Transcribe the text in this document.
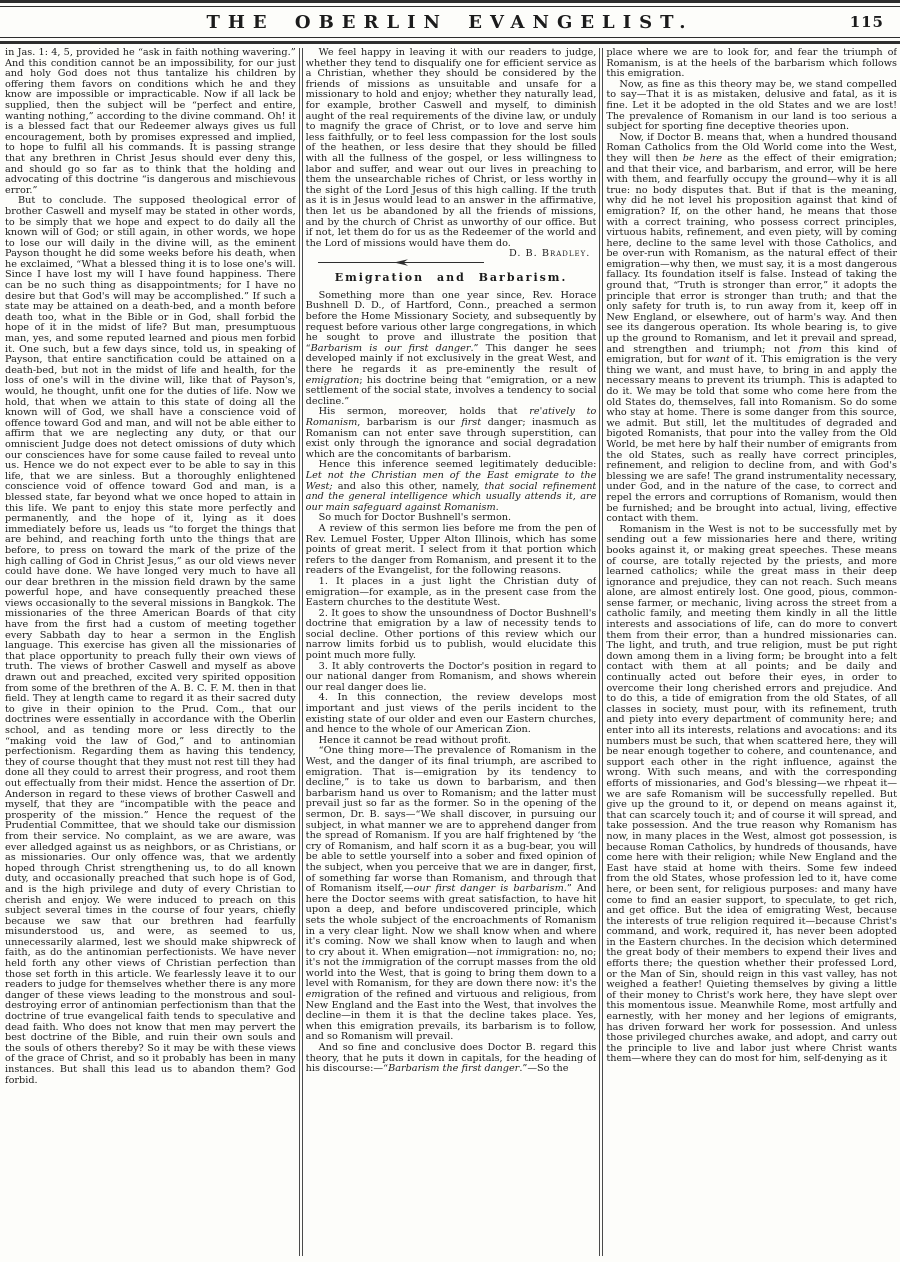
THE OBERLIN EVANGELIST.	115

in Jas. 1: 4, 5, provided he “ask in faith nothing wavering.” And this condition cannot be an impossibility, for our just and holy God does not thus tantalize his children by offering them favors on conditions which he and they know are impossible or impracticable. Now if all lack be supplied, then the subject will be “perfect and entire, wanting nothing,” according to the divine command. Oh! it is a blessed fact that our Redeemer always gives us full encouragement, both by promises expressed and implied, to hope to fulfil all his commands. It is passing strange that any brethren in Christ Jesus should ever deny this, and should go so far as to think that the holding and advocating of this doctrine “is dangerous and mischievous error.”

But to conclude. The supposed theological error of brother Caswell and myself may be stated in other words, to be simply that we hope and expect to do daily all the known will of God; or still again, in other words, we hope to lose our will daily in the divine will, as the eminent Payson thought he did some weeks before his death, when he exclaimed, “What a blessed thing it is to lose one's will. Since I have lost my will I have found happiness. There can be no such thing as disappointments; for I have no desire but that God's will may be accomplished.” If such a state may be attained on a death-bed, and a month before death too, what in the Bible or in God, shall forbid the hope of it in the midst of life? But man, presumptuous man, yes, and some reputed learned and pious men forbid it. One such, but a few days since, told us, in speaking of Payson, that entire sanctification could be attained on a death-bed, but not in the midst of life and health, for the loss of one's will in the divine will, like that of Payson's, would, he thought, unfit one for the duties of life. Now we hold, that when we attain to this state of doing all the known will of God, we shall have a conscience void of offence toward God and man, and will not be able either to affirm that we are neglecting any duty, or that our omniscient Judge does not detect omissions of duty which our consciences have for some cause failed to reveal unto us. Hence we do not expect ever to be able to say in this life, that we are sinless. But a thoroughly enlightened conscience void of offence toward God and man, is a blessed state, far beyond what we once hoped to attain in this life. We pant to enjoy this state more perfectly and permanently, and the hope of it, lying as it does immediately before us, leads us “to forget the things that are behind, and reaching forth unto the things that are before, to press on toward the mark of the prize of the high calling of God in Christ Jesus,” as our old views never could have done. We have longed very much to have all our dear brethren in the mission field drawn by the same powerful hope, and have consequently preached these views occasionally to the several missions in Bangkok. The missionaries of the three American Boards of that city have from the first had a custom of meeting together every Sabbath day to hear a sermon in the English language. This exercise has given all the missionaries of that place opportunity to preach fully their own views of truth. The views of brother Caswell and myself as above drawn out and preached, excited very spirited opposition from some of the brethren of the A. B. C. F. M. then in that field. They at length came to regard it as their sacred duty to give in their opinion to the Prud. Com., that our doctrines were essentially in accordance with the Oberlin school, and as tending more or less directly to the “making void the law of God,” and to antinomian perfectionism. Regarding them as having this tendency, they of course thought that they must not rest till they had done all they could to arrest their progress, and root them out effectually from their midst. Hence the assertion of Dr. Anderson in regard to these views of brother Caswell and myself, that they are “incompatible with the peace and prosperity of the mission.” Hence the request of the Prudential Committee, that we should take our dismission from their service. No complaint, as we are aware, was ever alledged against us as neighbors, or as Christians, or as missionaries. Our only offence was, that we ardently hoped through Christ strengthening us, to do all known duty, and occasionally preached that such hope is of God, and is the high privilege and duty of every Christian to cherish and enjoy. We were induced to preach on this subject several times in the course of four years, chiefly because we saw that our brethren had fearfully misunderstood us, and were, as seemed to us, unnecessarily alarmed, lest we should make shipwreck of faith, as do the antinomian perfectionists. We have never held forth any other views of Christian perfection than those set forth in this article. We fearlessly leave it to our readers to judge for themselves whether there is any more danger of these views leading to the monstrous and soul-destroying error of antinomian perfectionism than that the doctrine of true evangelical faith tends to speculative and dead faith. Who does not know that men may pervert the best doctrine of the Bible, and ruin their own souls and the souls of others thereby? So it may be with these views of the grace of Christ, and so it probably has been in many instances. But shall this lead us to abandon them? God forbid.

We feel happy in leaving it with our readers to judge, whether they tend to disqualify one for efficient service as a Christian, whether they should be considered by the friends of missions as unsuitable and unsafe for a missionary to hold and enjoy; whether they naturally lead, for example, brother Caswell and myself, to diminish aught of the real requirements of the divine law, or unduly to magnify the grace of Christ, or to love and serve him less faithfully, or to feel less compassion for the lost souls of the heathen, or less desire that they should be filled with all the fullness of the gospel, or less willingness to labor and suffer, and wear out our lives in preaching to them the unsearchable riches of Christ, or less worthy in the sight of the Lord Jesus of this high calling. If the truth as it is in Jesus would lead to an answer in the affirmative, then let us be abandoned by all the friends of missions, and by the church of Christ as unworthy of our office. But if not, let them do for us as the Redeemer of the world and the Lord of missions would have them do.
D. B. Bradley.

Emigration and Barbarism.

Something more than one year since, Rev. Horace Bushnell D. D., of Hartford, Conn., preached a sermon before the Home Missionary Society, and subsequently by request before various other large congregations, in which he sought to prove and illustrate the position that “Barbarism is our first danger.” This danger he sees developed mainly if not exclusively in the great West, and there he regards it as pre-eminently the result of emigration; his doctrine being that “emigration, or a new settlement of the social state, involves a tendency to social decline.”

His sermon, moreover, holds that re'atively to Romanism, barbarism is our first danger; inasmuch as Romanism can not enter save through superstition, can exist only through the ignorance and social degradation which are the concomitants of barbarism.

Hence this inference seemed legitimately deducible: Let not the Christian men of the East emigrate to the West; and also this other, namely, that social refinement and the general intelligence which usually attends it, are our main safeguard against Romanism.

So much for Doctor Bushnell's sermon.

A review of this sermon lies before me from the pen of Rev. Lemuel Foster, Upper Alton Illinois, which has some points of great merit. I select from it that portion which refers to the danger from Romanism, and present it to the readers of the Evangelist, for the following reasons.

1. It places in a just light the Christian duty of emigration—for example, as in the present case from the Eastern churches to the destitute West.

2. It goes to show the unsoundness of Doctor Bushnell's doctrine that emigration by a law of necessity tends to social decline. Other portions of this review which our narrow limits forbid us to publish, would elucidate this point much more fully.

3. It ably controverts the Doctor's position in regard to our national danger from Romanism, and shows wherein our real danger does lie.

4. In this connection, the review develops most important and just views of the perils incident to the existing state of our older and even our Eastern churches, and hence to the whole of our American Zion.

Hence it cannot be read without profit.

“One thing more—The prevalence of Romanism in the West, and the danger of its final triumph, are ascribed to emigration. That is—emigration by its tendency to decline,” is to take us down to barbarism, and then barbarism hand us over to Romanism; and the latter must prevail just so far as the former. So in the opening of the sermon, Dr. B. says—“We shall discover, in pursuing our subject, in what manner we are to apprehend danger from the spread of Romanism. If you are half frightened by ‘the cry of Romanism, and half scorn it as a bug-bear, you will be able to settle yourself into a sober and fixed opinion of the subject, when you perceive that we are in danger, first, of something far worse than Romanism, and through that of Romanism itself,—our first danger is barbarism.” And here the Doctor seems with great satisfaction, to have hit upon a deep, and before undiscovered principle, which sets the whole subject of the encroachments of Romanism in a very clear light. Now we shall know when and where it's coming. Now we shall know when to laugh and when to cry about it. When emigration—not immigration: no, no; it's not the immigration of the corrupt masses from the old world into the West, that is going to bring them down to a level with Romanism, for they are down there now: it's the emigration of the refined and virtuous and religious, from New England and the East into the West, that involves the decline—in them it is that the decline takes place. Yes, when this emigration prevails, its barbarism is to follow, and so Romanism will prevail.

And so fine and conclusive does Doctor B. regard this theory, that he puts it down in capitals, for the heading of his discourse:—“Barbarism the first danger.”—So the

place where we are to look for, and fear the triumph of Romanism, is at the heels of the barbarism which follows this emigration.

Now, as fine as this theory may be, we stand compelled to say—That it is as mistaken, delusive and fatal, as it is fine. Let it be adopted in the old States and we are lost! The prevalence of Romanism in our land is too serious a subject for sporting fine deceptive theories upon.

Now, if Doctor B. means that, when a hundred thousand Roman Catholics from the Old World come into the West, they will then be here as the effect of their emigration; and that their vice, and barbarism, and error, will be here with them, and fearfully occupy the ground—why it is all true: no body disputes that. But if that is the meaning, why did he not level his proposition against that kind of emigration? If, on the other hand, he means that those with a correct training, who possess correct principles, virtuous habits, refinement, and even piety, will by coming here, decline to the same level with those Catholics, and be over-run with Romanism, as the natural effect of their emigration—why then, we must say, it is a most dangerous fallacy. Its foundation itself is false. Instead of taking the ground that, “Truth is stronger than error,” it adopts the principle that error is stronger than truth; and that the only safety for truth is, to run away from it, keep off in New England, or elsewhere, out of harm's way. And then see its dangerous operation. Its whole bearing is, to give up the ground to Romanism, and let it prevail and spread, and strengthen and triumph; not from this kind of emigration, but for want of it. This emigration is the very thing we want, and must have, to bring in and apply the necessary means to prevent its triumph. This is adapted to do it. We may be told that some who come here from the old States do, themselves, fall into Romanism. So do some who stay at home. There is some danger from this source, we admit. But still, let the multitudes of degraded and bigoted Romanists, that pour into the valley from the Old World, be met here by half their number of emigrants from the old States, such as really have correct principles, refinement, and religion to decline from, and with God's blessing we are safe! The grand instrumentality necessary, under God, and in the nature of the case, to correct and repel the errors and corruptions of Romanism, would then be furnished; and be brought into actual, living, effective contact with them.

Romanism in the West is not to be successfully met by sending out a few missionaries here and there, writing books against it, or making great speeches. These means of course, are totally rejected by the priests, and more learned catholics; while the great mass in their deep ignorance and prejudice, they can not reach. Such means alone, are almost entirely lost. One good, pious, common-sense farmer, or mechanic, living across the street from a catholic family, and meeting them kindly in all the little interests and associations of life, can do more to convert them from their error, than a hundred missionaries can. The light, and truth, and true religion, must be put right down among them in a living form; be brought into a felt contact with them at all points; and be daily and continually acted out before their eyes, in order to overcome their long cherished errors and prejudice. And to do this, a tide of emigration from the old States, of all classes in society, must pour, with its refinement, truth and piety into every department of community here; and enter into all its interests, relations and avocations: and its numbers must be such, that when scattered here, they will be near enough together to cohere, and countenance, and support each other in the right influence, against the wrong. With such means, and with the corresponding efforts of missionaries, and God's blessing—we rhpeat it—we are safe Romanism will be successfully repelled. But give up the ground to it, or depend on means against it, that can scarcely touch it; and of course it will spread, and take possession. And the true reason why Romanism has now, in many places in the West, almost got possession, is because Roman Catholics, by hundreds of thousands, have come here with their religion; while New England and the East have staid at home with theirs. Some few indeed from the old States, whose profession led to it, have come here, or been sent, for religious purposes: and many have come to find an easier support, to speculate, to get rich, and get office. But the idea of emigrating West, because the interests of true religion required it—because Christ's command, and work, required it, has never been adopted in the Eastern churches. In the decision which determined the great body of their members to expend their lives and efforts there; the question whether their professed Lord, or the Man of Sin, should reign in this vast valley, has not weighed a feather! Quieting themselves by giving a little of their money to Christ's work here, they have slept over this momentous issue. Meanwhile Rome, most artfully and earnestly, with her money and her legions of emigrants, has driven forward her work for possession. And unless those privileged churches awake, and adopt, and carry out the principle to live and labor just where Christ wants them—where they can do most for him, self-denying as it
